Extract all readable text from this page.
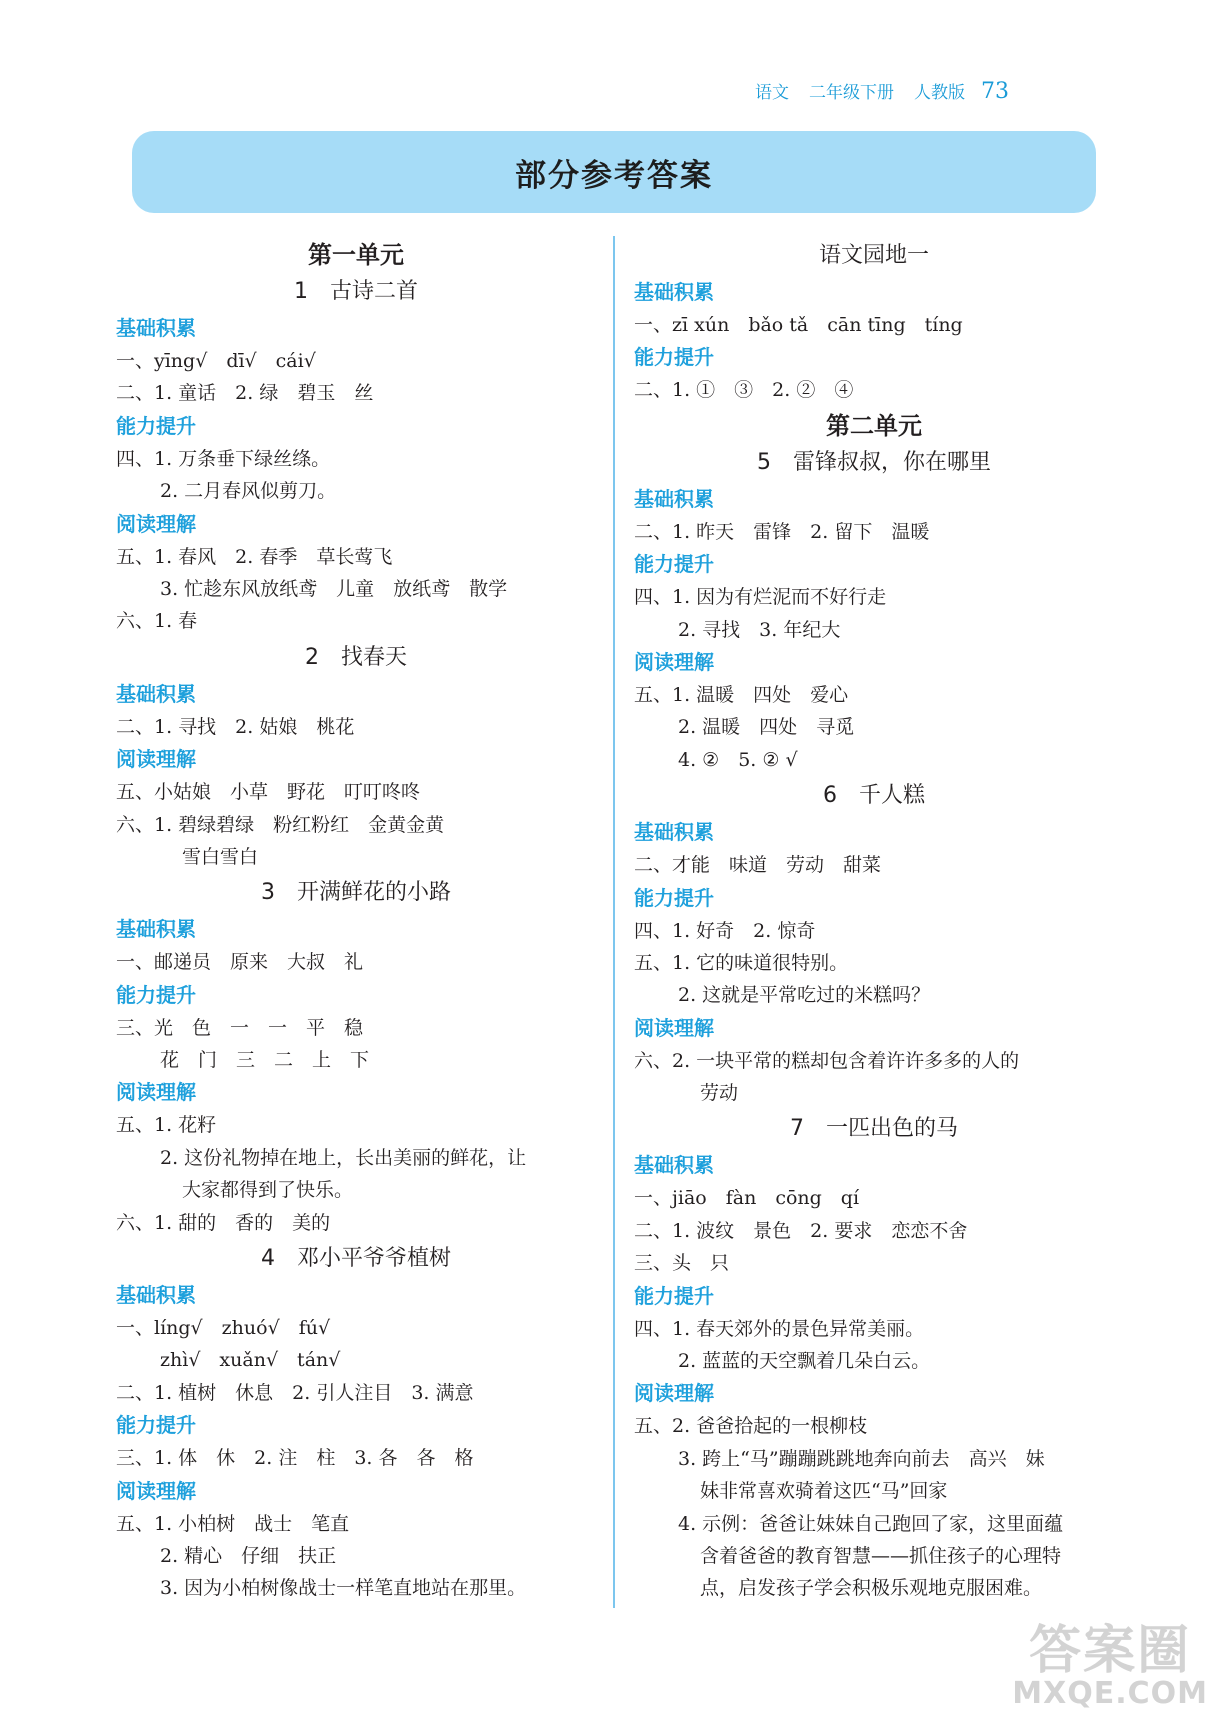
语文 二年级下册 人教版 73
部分参考答案
第一单元
1　古诗二首
基础积累
一、yīng√　dī√　cái√
二、1. 童话　2. 绿　碧玉　丝
能力提升
四、1. 万条垂下绿丝绦。
2. 二月春风似剪刀。
阅读理解
五、1. 春风　2. 春季　草长莺飞
3. 忙趁东风放纸鸢　儿童　放纸鸢　散学
六、1. 春
2　找春天
基础积累
二、1. 寻找　2. 姑娘　桃花
阅读理解
五、小姑娘　小草　野花　叮叮咚咚
六、1. 碧绿碧绿　粉红粉红　金黄金黄
雪白雪白
3　开满鲜花的小路
基础积累
一、邮递员　原来　大叔　礼
能力提升
三、光　色　一　一　平　稳
花　门　三　二　上　下
阅读理解
五、1. 花籽
2. 这份礼物掉在地上，长出美丽的鲜花，让
大家都得到了快乐。
六、1. 甜的　香的　美的
4　邓小平爷爷植树
基础积累
一、líng√　zhuó√　fú√
zhì√　xuǎn√　tán√
二、1. 植树　休息　2. 引人注目　3. 满意
能力提升
三、1. 体　休　2. 注　柱　3. 各　各　格
阅读理解
五、1. 小柏树　战士　笔直
2. 精心　仔细　扶正
3. 因为小柏树像战士一样笔直地站在那里。
语文园地一
基础积累
一、zī xún　bǎo tǎ　cān tīng　tíng
能力提升
二、1. ①　③　2. ②　④
第二单元
5　雷锋叔叔，你在哪里
基础积累
二、1. 昨天　雷锋　2. 留下　温暖
能力提升
四、1. 因为有烂泥而不好行走
2. 寻找　3. 年纪大
阅读理解
五、1. 温暖　四处　爱心
2. 温暖　四处　寻觅
4. ②　5. ② √
6　千人糕
基础积累
二、才能　味道　劳动　甜菜
能力提升
四、1. 好奇　2. 惊奇
五、1. 它的味道很特别。
2. 这就是平常吃过的米糕吗？
阅读理解
六、2. 一块平常的糕却包含着许许多多的人的
劳动
7　一匹出色的马
基础积累
一、jiāo　fàn　cōng　qí
二、1. 波纹　景色　2. 要求　恋恋不舍
三、头　只
能力提升
四、1. 春天郊外的景色异常美丽。
2. 蓝蓝的天空飘着几朵白云。
阅读理解
五、2. 爸爸拾起的一根柳枝
3. 跨上“马”蹦蹦跳跳地奔向前去　高兴　妹
妹非常喜欢骑着这匹“马”回家
4. 示例：爸爸让妹妹自己跑回了家，这里面蕴
含着爸爸的教育智慧——抓住孩子的心理特
点，启发孩子学会积极乐观地克服困难。
答案圈
MXQE.COM
